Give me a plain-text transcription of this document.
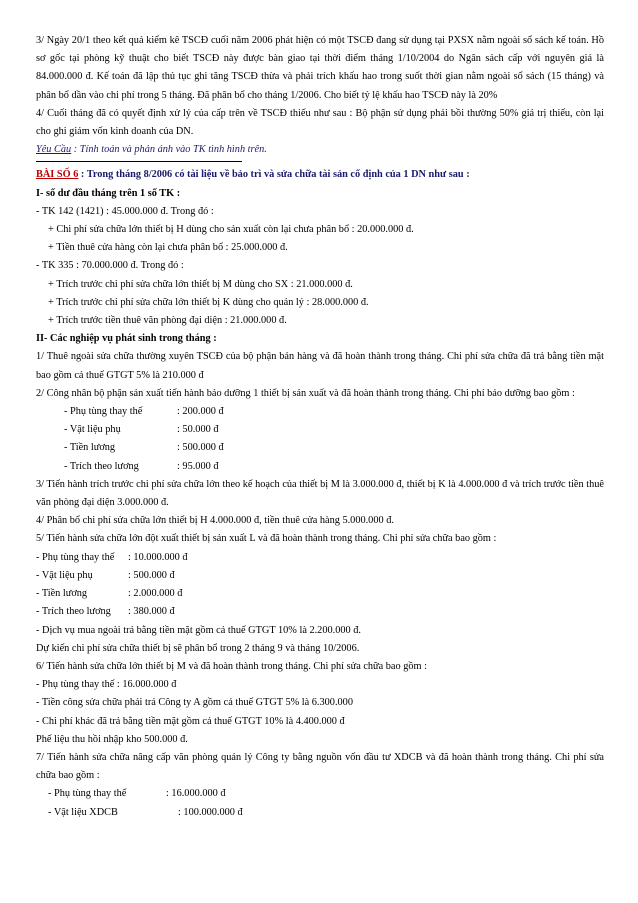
3/ Ngày 20/1 theo kết quả kiểm kê TSCĐ cuối năm 2006 phát hiện có một TSCĐ đang sử dụng tại PXSX nằm ngoài sổ sách kế toán. Hồ sơ gốc tại phòng kỹ thuật cho biết TSCĐ này được bàn giao tại thời điểm tháng 1/10/2004 do Ngân sách cấp với nguyên giá là 84.000.000 đ. Kế toán đã lập thủ tục ghi tăng TSCĐ thừa và phải trích khấu hao trong suốt thời gian nằm ngoài sổ sách (15 tháng) và phân bổ dần vào chi phí trong 5 tháng. Đã phân bổ cho tháng 1/2006. Cho biết tỷ lệ khấu hao TSCĐ này là 20%

4/ Cuối tháng đã có quyết định xử lý của cấp trên về TSCĐ thiếu như sau : Bộ phận sử dụng phải bồi thường 50% giá trị thiếu, còn lại cho ghi giảm vốn kinh doanh của DN.

Yêu Cầu : Tính toán và phản ánh vào TK tình hình trên.

BÀI SỐ 6 : Trong tháng 8/2006 có tài liệu về bảo trì và sửa chữa tài sản cố định của 1 DN như sau :

I- số dư đầu tháng trên 1 số TK :

- TK 142 (1421) : 45.000.000 đ. Trong đó :

+ Chi phí sửa chữa lớn thiết bị H dùng cho sản xuất còn lại chưa phân bổ : 20.000.000 đ.

+ Tiền thuê cửa hàng còn lại chưa phân bổ : 25.000.000 đ.

- TK 335 : 70.000.000 đ. Trong đó :

+ Trích trước chi phí sửa chữa lớn thiết bị M dùng cho SX : 21.000.000 đ.

+ Trích trước chi phí sửa chữa lớn thiết bị K dùng cho quản lý : 28.000.000 đ.

+ Trích trước tiền thuê văn phòng đại diện : 21.000.000 đ.

II- Các nghiệp vụ phát sinh trong tháng :

1/ Thuê ngoài sửa chữa thường xuyên TSCĐ của bộ phận bán hàng và đã hoàn thành trong tháng. Chi phí sửa chữa đã trả bằng tiền mặt bao gồm cả thuế GTGT 5% là 210.000 đ

2/ Công nhân bộ phận sản xuất tiến hành bảo dưỡng 1 thiết bị sản xuất và đã hoàn thành trong tháng. Chi phí bảo dưỡng bao gồm :

- Phụ tùng thay thế	: 200.000 đ
- Vật liệu phụ	: 50.000 đ
- Tiền lương	: 500.000 đ
- Trích theo lương	: 95.000 đ

3/ Tiến hành trích trước chi phí sửa chữa lớn theo kế hoạch của thiết bị M là 3.000.000 đ, thiết bị K là 4.000.000 đ và trích trước tiền thuê văn phòng đại diện 3.000.000 đ.

4/ Phân bổ chi phí sửa chữa lớn thiết bị H 4.000.000 đ, tiền thuê cửa hàng 5.000.000 đ.

5/ Tiến hành sửa chữa lớn đột xuất thiết bị sản xuất L và đã hoàn thành trong tháng. Chi phí sửa chữa bao gồm :

- Phụ tùng thay thế	: 10.000.000 đ
- Vật liệu phụ	: 500.000 đ
- Tiền lương	: 2.000.000 đ
- Trích theo lương	: 380.000 đ

- Dịch vụ mua ngoài trả bằng tiền mặt gồm cả thuế GTGT 10% là 2.200.000 đ.

Dự kiến chi phí sửa chữa thiết bị sẽ phân bổ trong 2 tháng 9 và tháng 10/2006.

6/ Tiến hành sửa chữa lớn thiết bị M và đã hoàn thành trong tháng. Chi phí sửa chữa bao gồm :

- Phụ tùng thay thế : 16.000.000 đ

- Tiền công sửa chữa phải trả Công ty A gồm cả thuế GTGT 5% là 6.300.000

- Chi phí khác đã trả bằng tiền mặt gồm cả thuế GTGT 10% là 4.400.000 đ

Phế liệu thu hồi nhập kho 500.000 đ.

7/ Tiến hành sửa chữa nâng cấp văn phòng quản lý Công ty bằng nguồn vốn đầu tư XDCB và đã hoàn thành trong tháng. Chi phí sửa chữa bao gồm :

- Phụ tùng thay thế	: 16.000.000 đ
- Vật liệu XDCB	: 100.000.000 đ
